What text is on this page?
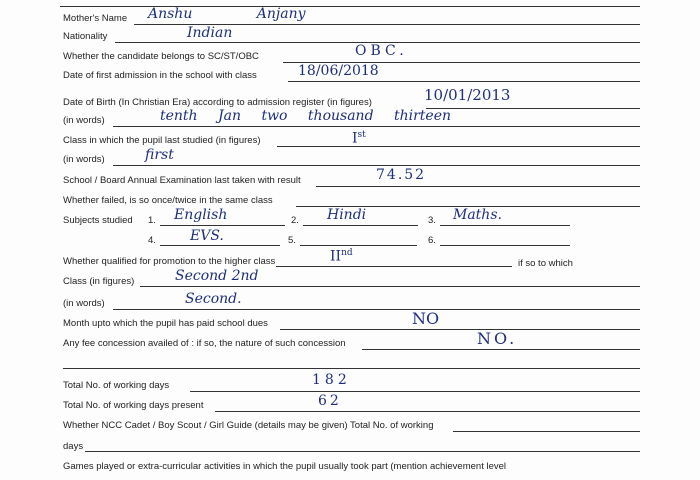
Mother's Name Anshu Anjany
Nationality	Indian
Whether the candidate belongs to SC/ST/OBC	OBC.
Date of first admission in the school with class	18/06/2018
Date of Birth (In Christian Era) according to admission register (in figures)	10/01/2013
(in words)	tenth Jan two thousand thirteen
Class in which the pupil last studied (in figures)	Ist
(in words)	first
School / Board Annual Examination last taken with result	74.52
Whether failed, is so once/twice in the same class
Subjects studied 1. English	2. Hindi	3. Maths.
4. EVS.	5.	6.
Whether qualified for promotion to the higher class	IInd
if so to which
Class (in figures)	Second 2nd
(in words)	Second.
Month upto which the pupil has paid school dues	NO
Any fee concession availed of : if so, the nature of such concession	NO.
Total No. of working days	182
Total No. of working days present	62
Whether NCC Cadet / Boy Scout / Girl Guide (details may be given) Total No. of working
days
Games played or extra-curricular activities in which the pupil usually took part (mention achievement level
